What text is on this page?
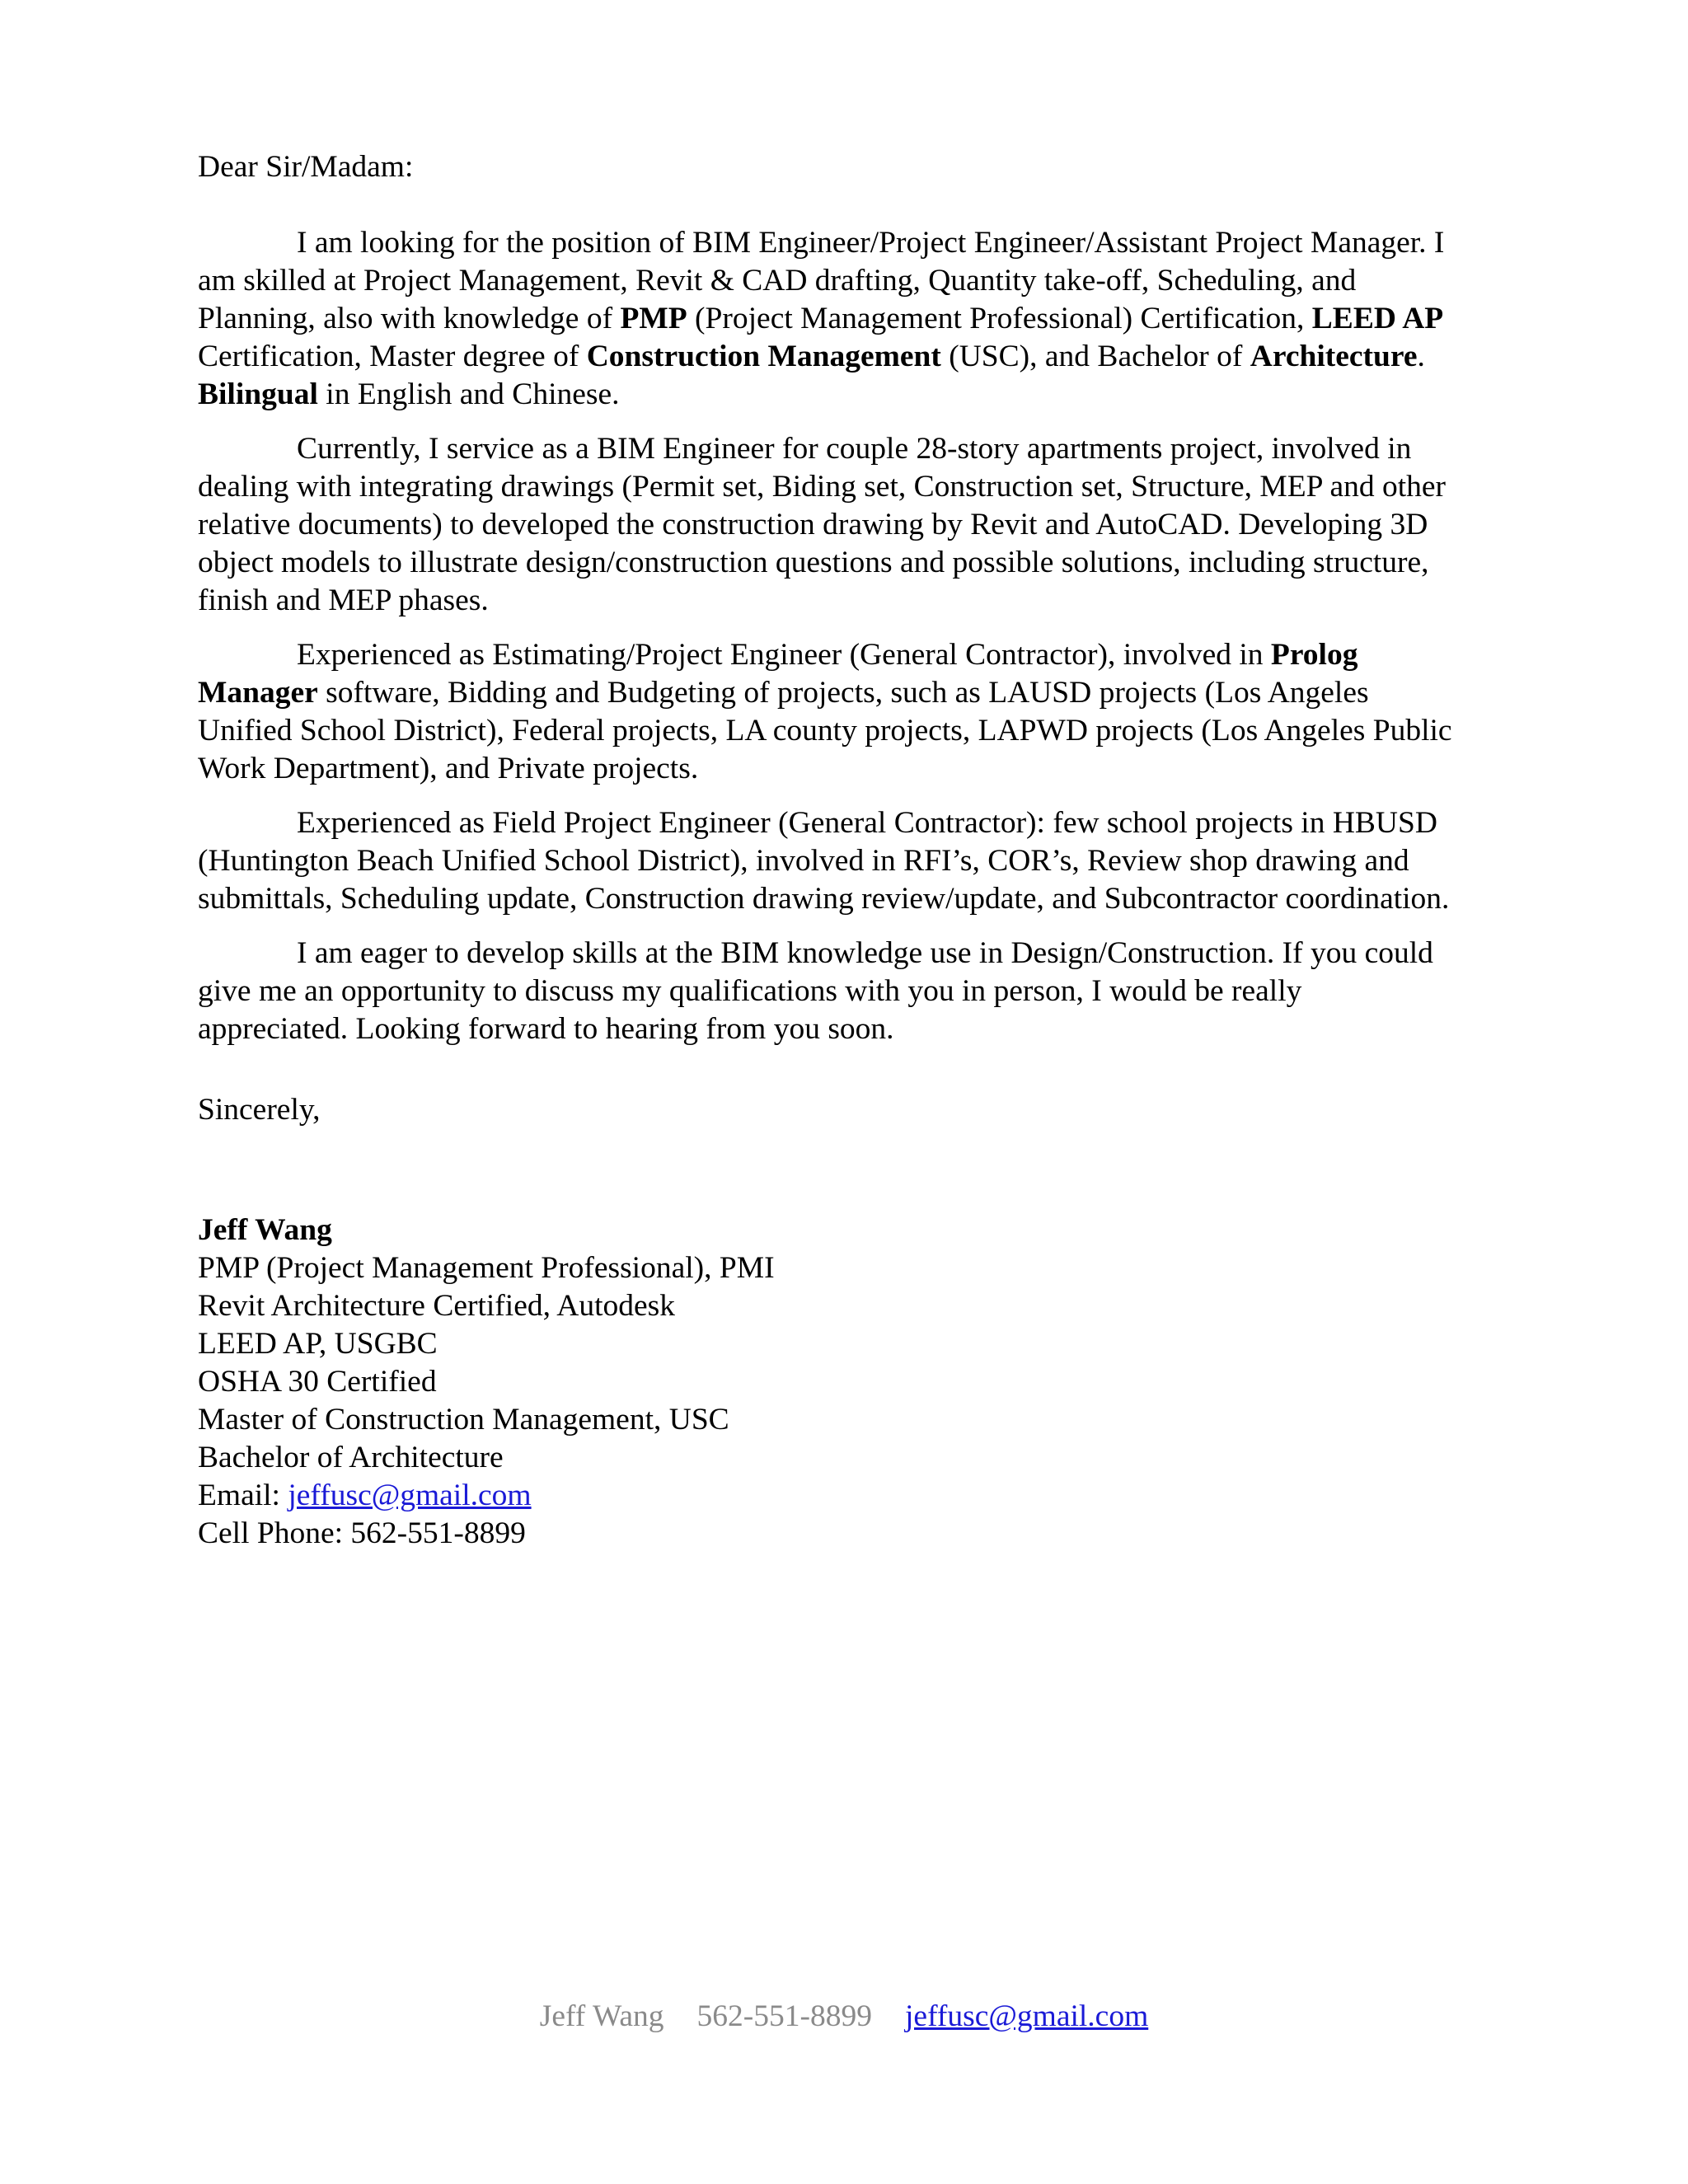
Dear Sir/Madam:

I am looking for the position of BIM Engineer/Project Engineer/Assistant Project Manager. I am skilled at Project Management, Revit & CAD drafting, Quantity take-off, Scheduling, and Planning, also with knowledge of PMP (Project Management Professional) Certification, LEED AP Certification, Master degree of Construction Management (USC), and Bachelor of Architecture. Bilingual in English and Chinese.

Currently, I service as a BIM Engineer for couple 28-story apartments project, involved in dealing with integrating drawings (Permit set, Biding set, Construction set, Structure, MEP and other relative documents) to developed the construction drawing by Revit and AutoCAD. Developing 3D object models to illustrate design/construction questions and possible solutions, including structure, finish and MEP phases.

Experienced as Estimating/Project Engineer (General Contractor), involved in Prolog Manager software, Bidding and Budgeting of projects, such as LAUSD projects (Los Angeles Unified School District), Federal projects, LA county projects, LAPWD projects (Los Angeles Public Work Department), and Private projects.

Experienced as Field Project Engineer (General Contractor): few school projects in HBUSD (Huntington Beach Unified School District), involved in RFI’s, COR’s, Review shop drawing and submittals, Scheduling update, Construction drawing review/update, and Subcontractor coordination.

I am eager to develop skills at the BIM knowledge use in Design/Construction. If you could give me an opportunity to discuss my qualifications with you in person, I would be really appreciated. Looking forward to hearing from you soon.

Sincerely,

Jeff Wang
PMP (Project Management Professional), PMI
Revit Architecture Certified, Autodesk
LEED AP, USGBC
OSHA 30 Certified
Master of Construction Management, USC
Bachelor of Architecture
Email: jeffusc@gmail.com
Cell Phone: 562-551-8899
Jeff Wang 562-551-8899 jeffusc@gmail.com
